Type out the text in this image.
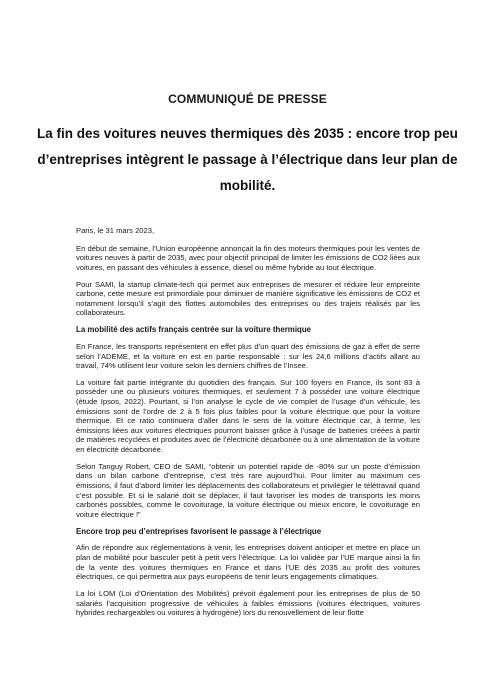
COMMUNIQUÉ DE PRESSE
La fin des voitures neuves thermiques dès 2035 : encore trop peu d’entreprises intègrent le passage à l’électrique dans leur plan de mobilité.

Paris, le 31 mars 2023,

En début de semaine, l’Union européenne annonçait la fin des moteurs thermiques pour les ventes de voitures neuves à partir de 2035, avec pour objectif principal de limiter les émissions de CO2 liées aux voitures, en passant des véhicules à essence, diesel ou même hybride au tout électrique.

Pour SAMI, la startup climate-tech qui permet aux entreprises de mesurer et réduire leur empreinte carbone, cette mesure est primordiale pour diminuer de manière significative les émissions de CO2 et notamment lorsqu’il s’agit des flottes automobiles des entreprises ou des trajets réalisés par les collaborateurs.

La mobilité des actifs français centrée sur la voiture thermique

En France, les transports représentent en effet plus d’un quart des émissions de gaz à effet de serre selon l’ADEME, et la voiture en est en partie responsable : sur les 24,6 millions d’actifs allant au travail, 74% utilisent leur voiture selon les derniers chiffres de l’Insee.

La voiture fait partie intégrante du quotidien des français. Sur 100 foyers en France, ils sont 83 à posséder une ou plusieurs voitures thermiques, et seulement 7 à posséder une voiture électrique (étude Ipsos, 2022). Pourtant, si l’on analyse le cycle de vie complet de l’usage d’un véhicule, les émissions sont de l’ordre de 2 à 5 fois plus faibles pour la voiture électrique que pour la voiture thermique. Et ce ratio continuera d’aller dans le sens de la voiture électrique car, à terme, les émissions liées aux voitures électriques pourront baisser grâce à l’usage de batteries créées à partir de matières recyclées et produites avec de l’électricité décarbonée ou à une alimentation de la voiture en électricité décarbonée.

Selon Tanguy Robert, CEO de SAMI, “obtenir un potentiel rapide de -80% sur un poste d’émission dans un bilan carbone d’entreprise, c’est très rare aujourd’hui. Pour limiter au maximum ces émissions, il faut d’abord limiter les déplacements des collaborateurs et privilégier le télétravail quand c’est possible. Et si le salarié doit se déplacer, il faut favoriser les modes de transports les moins carbonés possibles, comme le covoiturage, la voiture électrique ou mieux encore, le covoiturage en voiture électrique !”

Encore trop peu d’entreprises favorisent le passage à l’électrique

Afin de répondre aux réglementations à venir, les entreprises doivent anticiper et mettre en place un plan de mobilité pour basculer petit à petit vers l’électrique. La loi validée par l’UE marque ainsi la fin de la vente des voitures thermiques en France et dans l’UE dès 2035 au profit des voitures électriques, ce qui permettra aux pays européens de tenir leurs engagements climatiques.

La loi LOM (Loi d’Orientation des Mobilités) prévoit également pour les entreprises de plus de 50 salariés l’acquisition progressive de véhicules à faibles émissions (voitures électriques, voitures hybrides rechargeables ou voitures à hydrogène) lors du renouvellement de leur flotte
